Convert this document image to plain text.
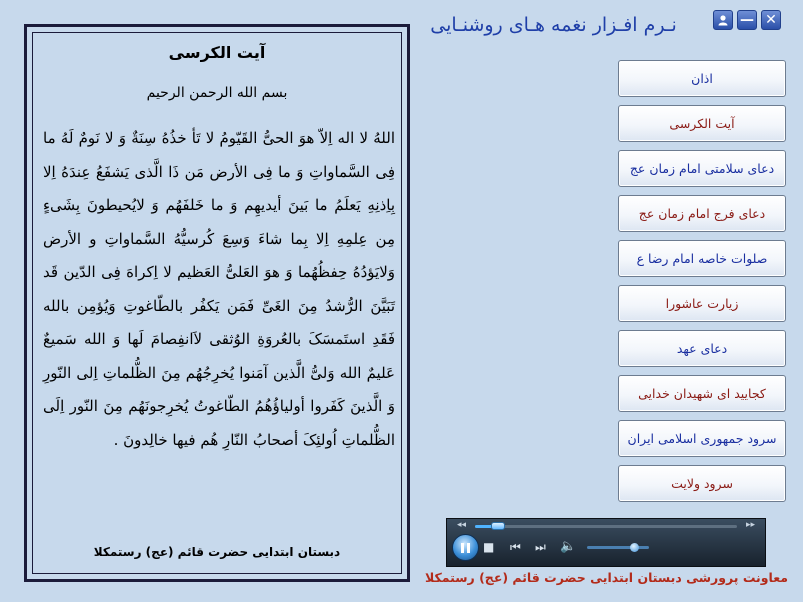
— ✕
نـرم افـزار نغمه هـای روشنـایی
آیت الکرسی
بسم الله الرحمن الرحیم
اللهُ لا اله اِلاّ هوَ الحیُّ القَیّومُ لا تَأ خذُهُ سِنَةٌ وَ لا نَومٌ لَهُ ما فِی السَّماواتِ وَ ما فِی الأرض مَن ذَا الَّذی یَشفَعُ عِندَهُ اِلا بِاِذنِهِ یَعلَمُ ما بَینَ أیدیهِم وَ ما خَلفَهُم وَ لایُحیطونَ بِشَیءٍ مِن عِلمِهِ اِلا بِما شاءَ وَسِعَ کُرسیُّهُ السَّماواتِ و الأرض وَلایَؤدُهُ حِفظُهُما وَ هوَ العَلیُّ العَظیم لا اِکراهَ فِی الدّین قَد تَبَیَّنَ الرُّشدُ مِنَ الغَیِّ فَمَن یَکفُر بالطّاغوتِ وَیُؤمِن بالله فَقَدِ استَمسَکَ بالعُروَةِ الوُثقی لاَانفِصامَ لَها وَ الله سَمیعٌ عَلیمٌ الله وَلیُّ الَّذین آمَنوا یُخرِجُهُم مِنَ الظُّلماتِ اِلی النّورِ وَ الَّذینَ کَفَروا أولیاؤُهُمُ الطّاغوتُ یُخرِجونَهُم مِنَ النّور اِلَی الظُّلماتِ اُولئِکَ أصحابُ النّارِ هُم فیها خالِدونَ .
دبستان ابتدایی حضرت قائم (عج) رستمکلا
اذان
آیت الکرسی
دعای سلامتی امام زمان عج
دعای فرج امام زمان عج
صلوات خاصه امام رضا ع
زیارت عاشورا
دعای عهد
کجایید ای شهیدان خدایی
سرود جمهوری اسلامی ایران
سرود ولایت
◂◂	▸▸
■ ⏮ ⏭ 🔈
معاونت پرورشی دبستان ابتدایی حضرت قائم (عج) رستمکلا
